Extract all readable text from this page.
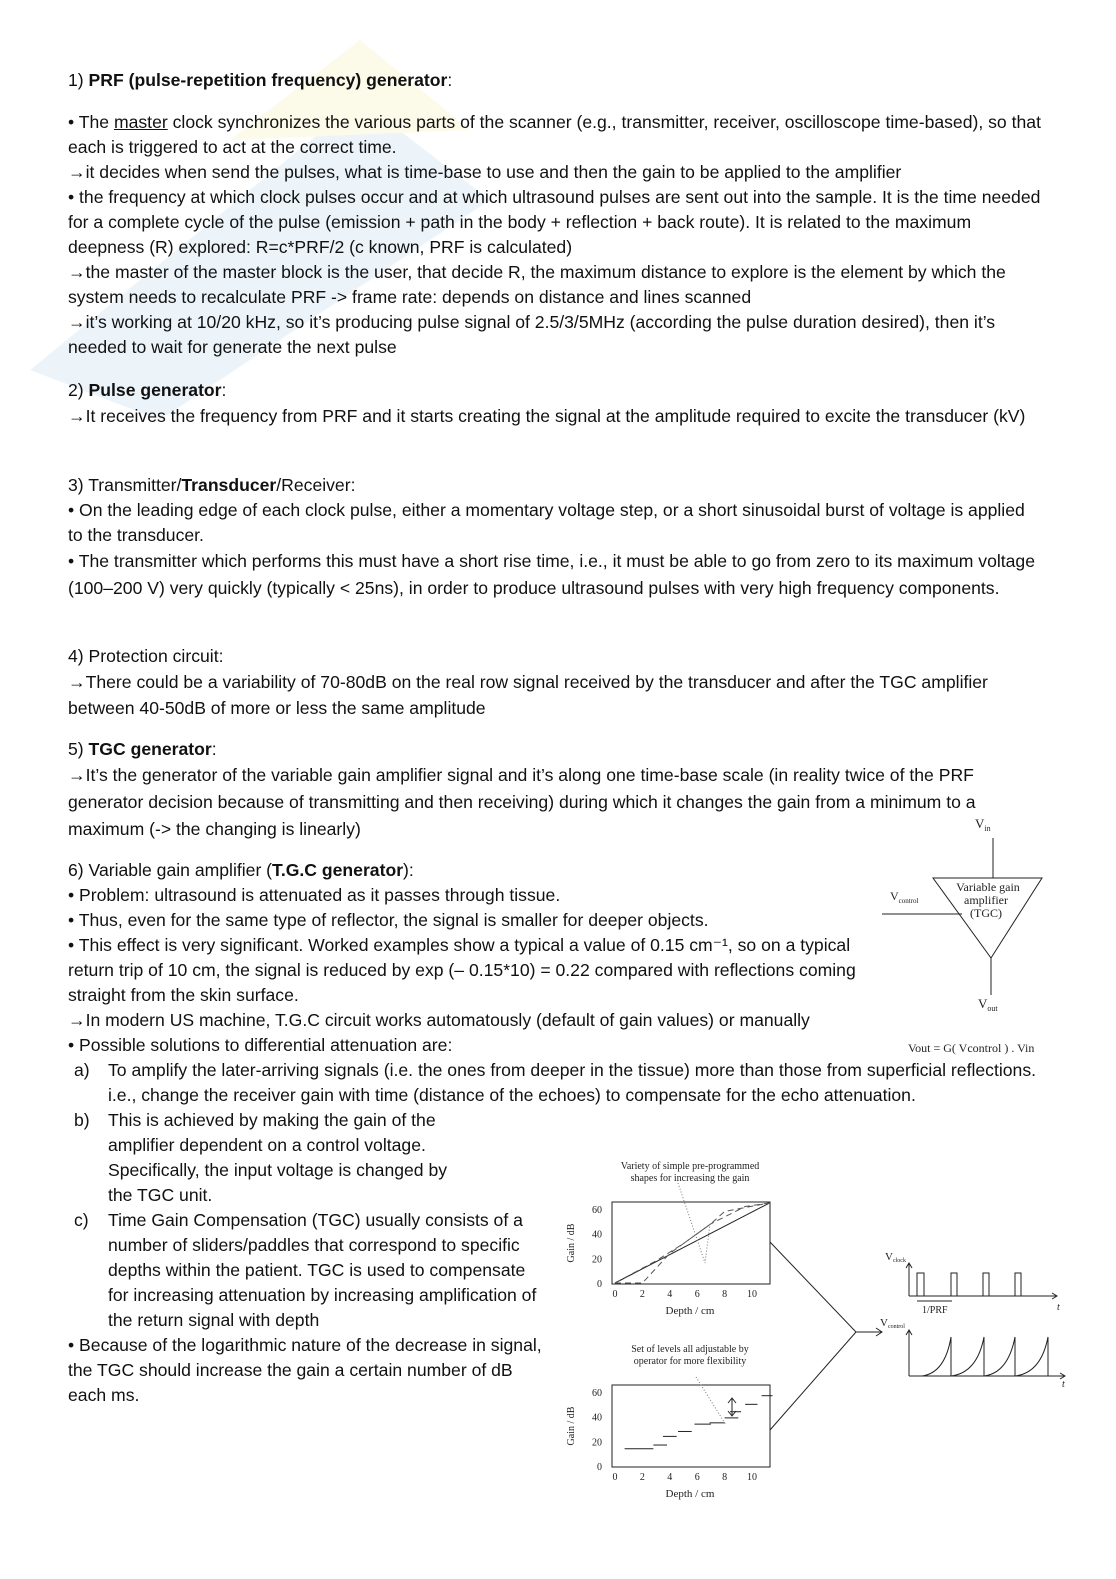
1) PRF (pulse-repetition frequency) generator:

• The master clock synchronizes the various parts of the scanner (e.g., transmitter, receiver, oscilloscope time-based), so that each is triggered to act at the correct time.

→it decides when send the pulses, what is time-base to use and then the gain to be applied to the amplifier

• the frequency at which clock pulses occur and at which ultrasound pulses are sent out into the sample. It is the time needed for a complete cycle of the pulse (emission + path in the body + reflection + back route). It is related to the maximum deepness (R) explored: R=c*PRF/2 (c known, PRF is calculated)

→the master of the master block is the user, that decide R, the maximum distance to explore is the element by which the system needs to recalculate PRF -> frame rate: depends on distance and lines scanned

→it’s working at 10/20 kHz, so it’s producing pulse signal of 2.5/3/5MHz (according the pulse duration desired), then it’s needed to wait for generate the next pulse

2) Pulse generator:

→It receives the frequency from PRF and it starts creating the signal at the amplitude required to excite the transducer (kV)

3) Transmitter/Transducer/Receiver:

• On the leading edge of each clock pulse, either a momentary voltage step, or a short sinusoidal burst of voltage is applied to the transducer.

• The transmitter which performs this must have a short rise time, i.e., it must be able to go from zero to its maximum voltage (100–200 V) very quickly (typically < 25ns), in order to produce ultrasound pulses with very high frequency components.

4) Protection circuit:

→There could be a variability of 70-80dB on the real row signal received by the transducer and after the TGC amplifier between 40-50dB of more or less the same amplitude

5) TGC generator:

→It’s the generator of the variable gain amplifier signal and it’s along one time-base scale (in reality twice of the PRF generator decision because of transmitting and then receiving) during which it changes the gain from a minimum to a maximum (-> the changing is linearly)

6) Variable gain amplifier (T.G.C generator):

• Problem: ultrasound is attenuated as it passes through tissue.

• Thus, even for the same type of reflector, the signal is smaller for deeper objects.

• This effect is very significant. Worked examples show a typical a value of 0.15 cm⁻¹, so on a typical return trip of 10 cm, the signal is reduced by exp (– 0.15*10) = 0.22 compared with reflections coming straight from the skin surface.

→In modern US machine, T.G.C circuit works automatously (default of gain values) or manually

• Possible solutions to differential attenuation are:

a)	To amplify the later-arriving signals (i.e. the ones from deeper in the tissue) more than those from superficial reflections. i.e., change the receiver gain with time (distance of the echoes) to compensate for the echo attenuation.
b)	This is achieved by making the gain of the amplifier dependent on a control voltage. Specifically, the input voltage is changed by the TGC unit.
c)	Time Gain Compensation (TGC) usually consists of a number of sliders/paddles that correspond to specific depths within the patient. TGC is used to compensate for increasing attenuation by increasing amplification of the return signal with depth

• Because of the logarithmic nature of the decrease in signal, the TGC should increase the gain a certain number of dB each ms.

$V_{in}$
Variable gain
amplifier
(TGC)
$V_{control}$
$V_{out}$
Vout = G( Vcontrol ) . Vin
Variety of simple pre-programmed
shapes for increasing the gain
0 2 4 6 8 10
0
20
40
60
Depth / cm
Gain / dB
Set of levels all adjustable by
operator for more flexibility
0 2 4 6 8 10
0
20
40
60
Depth / cm
Gain / dB
Vclock
1/PRF	t
Vcontrol
t
